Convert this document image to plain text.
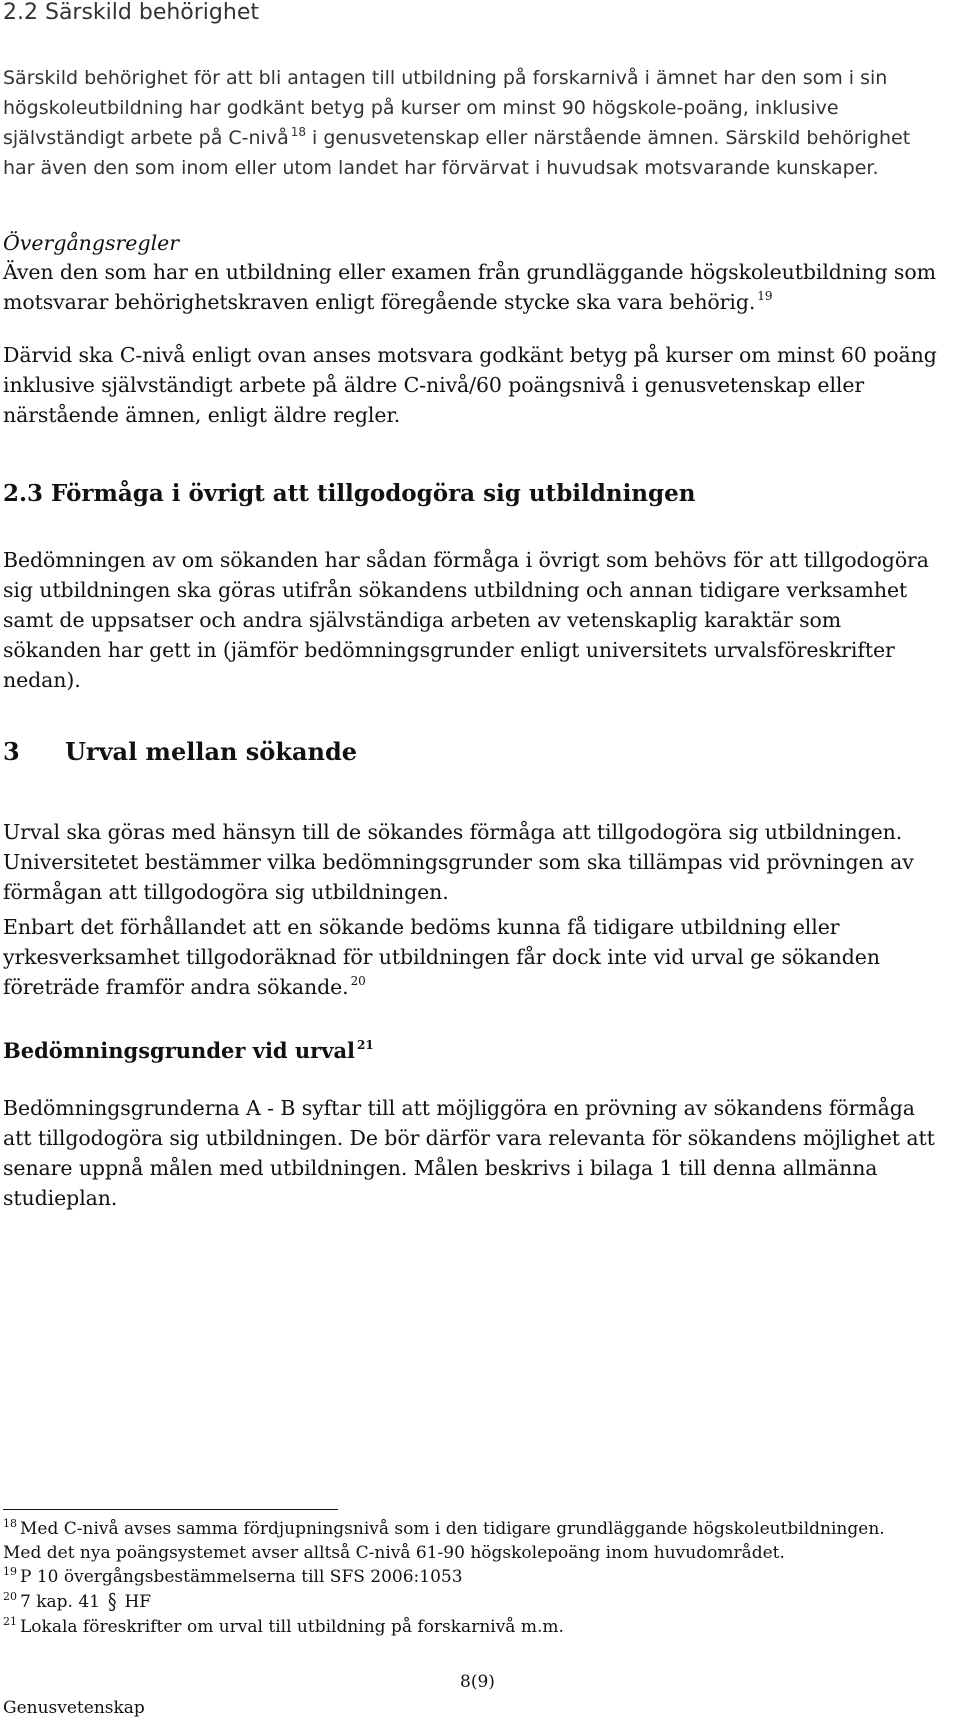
2.2 Särskild behörighet

Särskild behörighet för att bli antagen till utbildning på forskarnivå i ämnet har den som i sin högskoleutbildning har godkänt betyg på kurser om minst 90 högskole-poäng, inklusive självständigt arbete på C-nivå $^{18}$ i genusvetenskap eller närstående ämnen. Särskild behörighet har även den som inom eller utom landet har förvärvat i huvudsak motsvarande kunskaper.

Övergångsregler

Även den som har en utbildning eller examen från grundläggande högskoleutbildning som motsvarar behörighetskraven enligt föregående stycke ska vara behörig. $^{19}$

Därvid ska C-nivå enligt ovan anses motsvara godkänt betyg på kurser om minst 60 poäng inklusive självständigt arbete på äldre C-nivå/60 poängsnivå i genusvetenskap eller närstående ämnen, enligt äldre regler.

2.3 Förmåga i övrigt att tillgodogöra sig utbildningen

Bedömningen av om sökanden har sådan förmåga i övrigt som behövs för att tillgodogöra sig utbildningen ska göras utifrån sökandens utbildning och annan tidigare verksamhet samt de uppsatser och andra självständiga arbeten av vetenskaplig karaktär som sökanden har gett in (jämför bedömningsgrunder enligt universitets urvalsföreskrifter nedan).

3 Urval mellan sökande

Urval ska göras med hänsyn till de sökandes förmåga att tillgodogöra sig utbildningen. Universitetet bestämmer vilka bedömningsgrunder som ska tillämpas vid prövningen av förmågan att tillgodogöra sig utbildningen.

Enbart det förhållandet att en sökande bedöms kunna få tidigare utbildning eller yrkesverksamhet tillgodoräknad för utbildningen får dock inte vid urval ge sökanden företräde framför andra sökande. $^{20}$

Bedömningsgrunder vid urval $^{21}$

Bedömningsgrunderna A - B syftar till att möjliggöra en prövning av sökandens förmåga att tillgodogöra sig utbildningen. De bör därför vara relevanta för sökandens möjlighet att senare uppnå målen med utbildningen. Målen beskrivs i bilaga 1 till denna allmänna studieplan.

$^{18}$ Med C-nivå avses samma fördjupningsnivå som i den tidigare grundläggande högskoleutbildningen.

Med det nya poängsystemet avser alltså C-nivå 61-90 högskolepoäng inom huvudområdet.

$^{19}$ P 10 övergångsbestämmelserna till SFS 2006:1053

$^{20}$ 7 kap. 41 § HF

$^{21}$ Lokala föreskrifter om urval till utbildning på forskarnivå m.m.

8(9)
Genusvetenskap
